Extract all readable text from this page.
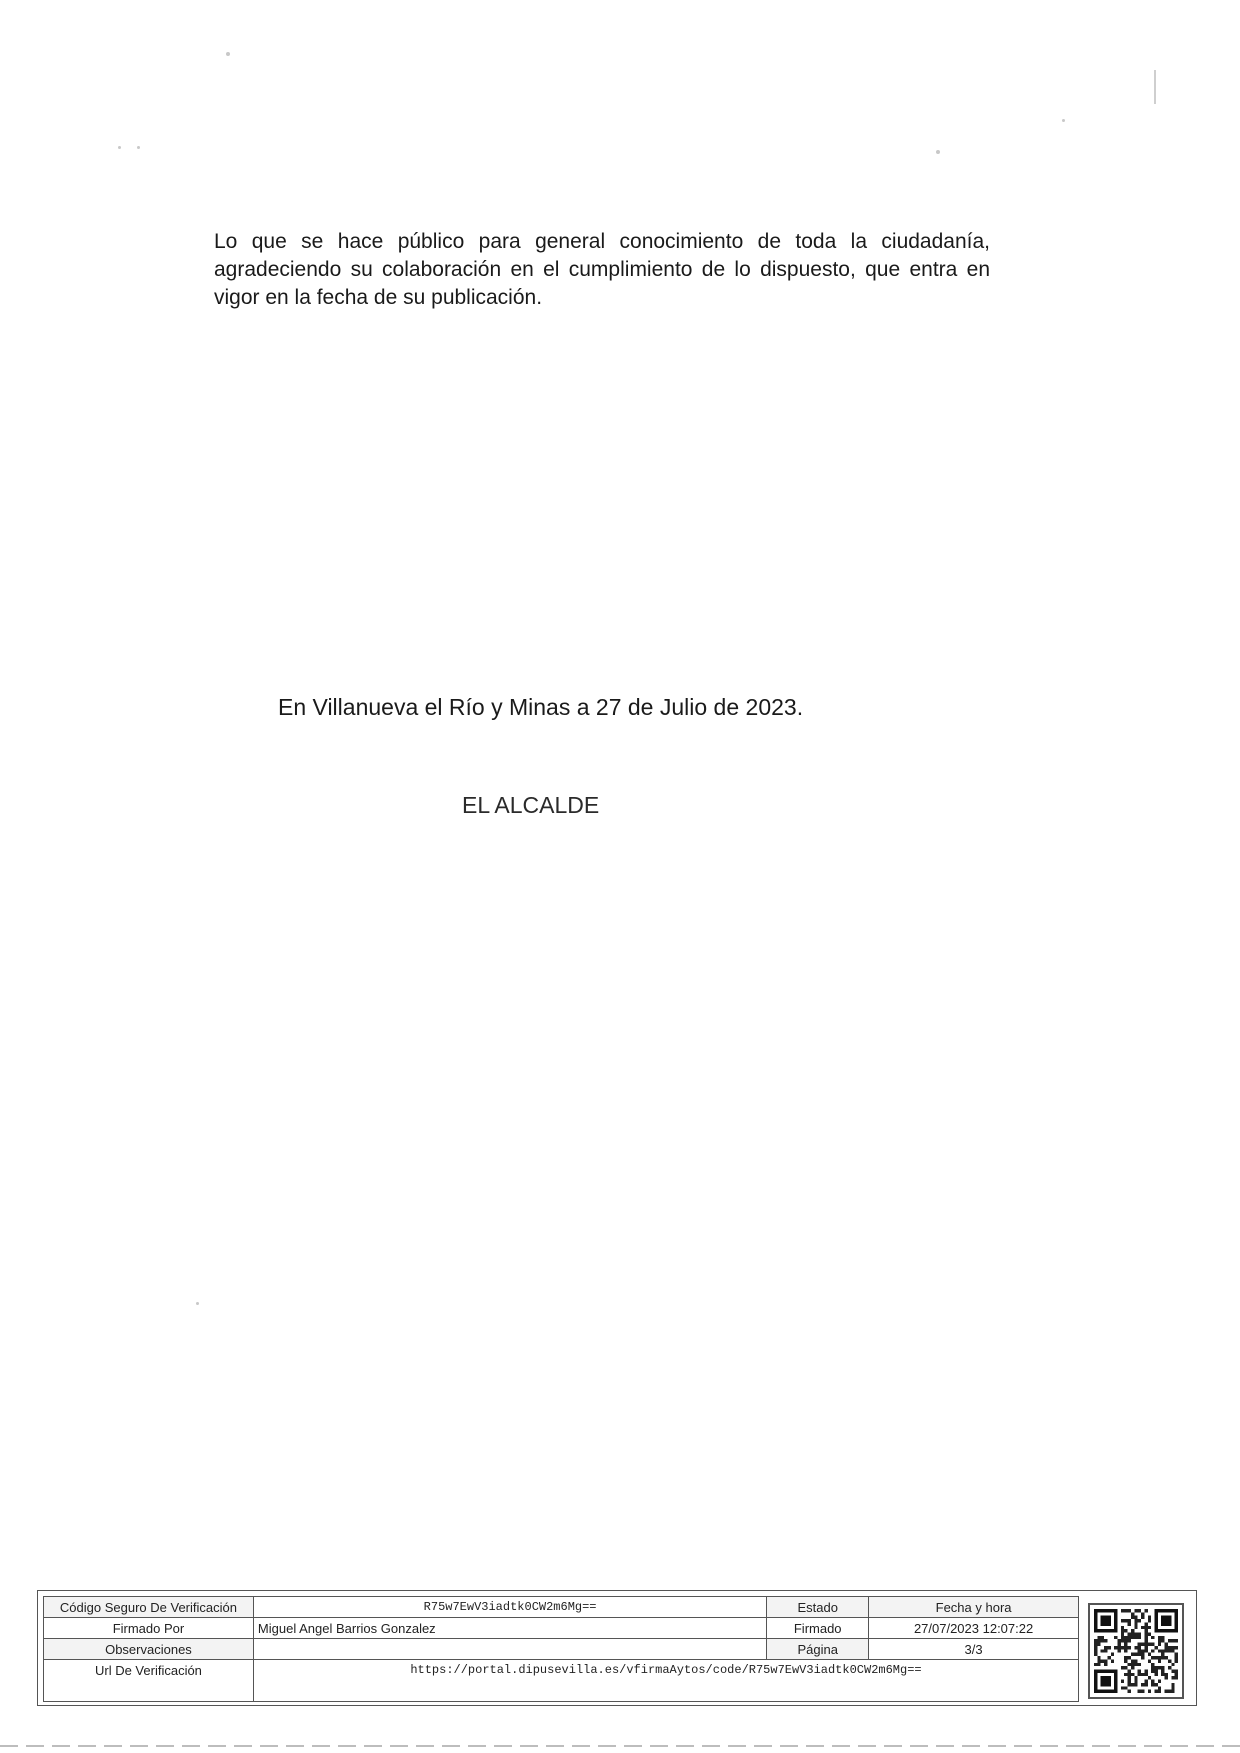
Lo que se hace público para general conocimiento de toda la ciudadanía, agradeciendo su colaboración en el cumplimiento de lo dispuesto, que entra en vigor en la fecha de su publicación.
En Villanueva el Río y Minas a 27 de Julio de 2023.
EL ALCALDE
Código Seguro De Verificación	R75w7EwV3iadtk0CW2m6Mg==	Estado	Fecha y hora
Firmado Por	Miguel Angel Barrios Gonzalez	Firmado	27/07/2023 12:07:22
Observaciones		Página	3/3
Url De Verificación	https://portal.dipusevilla.es/vfirmaAytos/code/R75w7EwV3iadtk0CW2m6Mg==		
